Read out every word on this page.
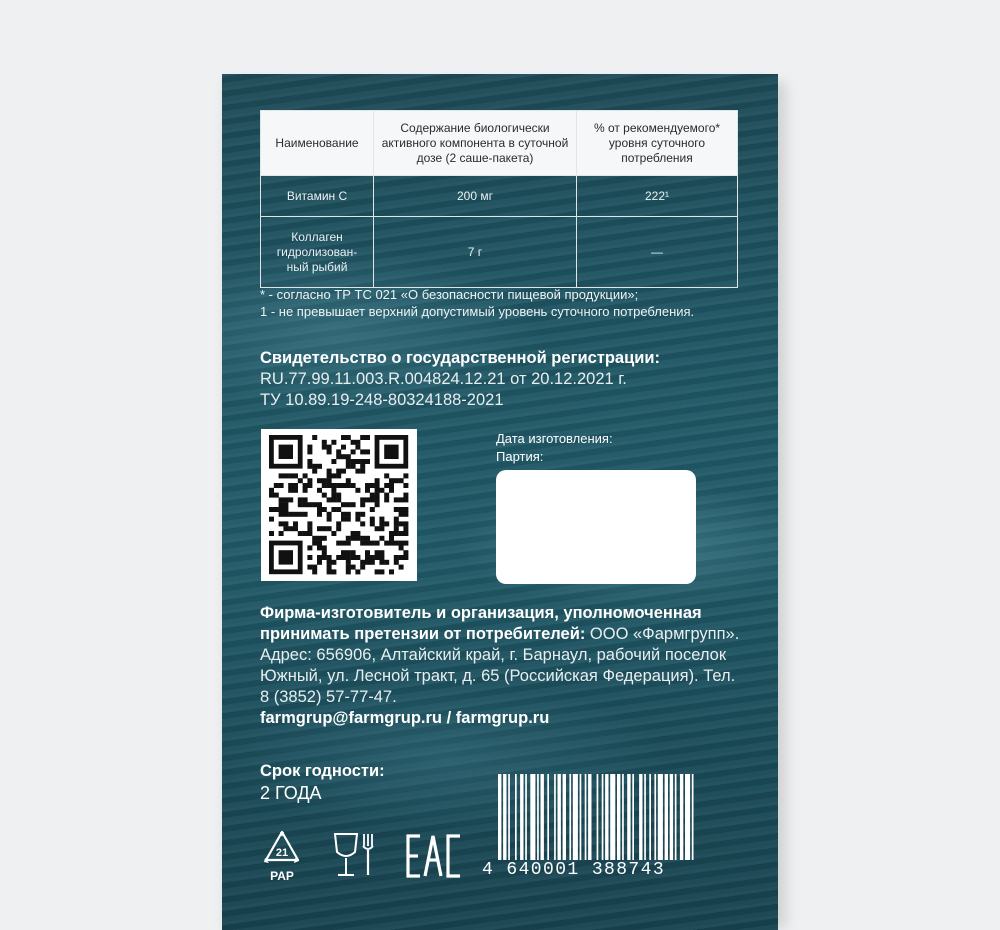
Наименование	Содержание биологически активного компонента в суточной дозе (2 саше-пакета)	% от рекомендуемого* уровня суточного потребления
Витамин С	200 мг	222¹
Коллаген гидролизован-ный рыбий	7 г	—
* - согласно ТР ТС 021 «О безопасности пищевой продукции»;
1 - не превышает верхний допустимый уровень суточного потребления.
Свидетельство о государственной регистрации:
RU.77.99.11.003.R.004824.12.21 от 20.12.2021 г.
ТУ 10.89.19-248-80324188-2021
Дата изготовления:
Партия:
Фирма-изготовитель и организация, уполномоченная принимать претензии от потребителей: ООО «Фармгрупп». Адрес: 656906, Алтайский край, г. Барнаул, рабочий поселок Южный, ул. Лесной тракт, д. 65 (Российская Федерация). Тел. 8 (3852) 57-77-47.
farmgrup@farmgrup.ru / farmgrup.ru
Срок годности:
2 ГОДА
21
PAP	4 640001 388743
